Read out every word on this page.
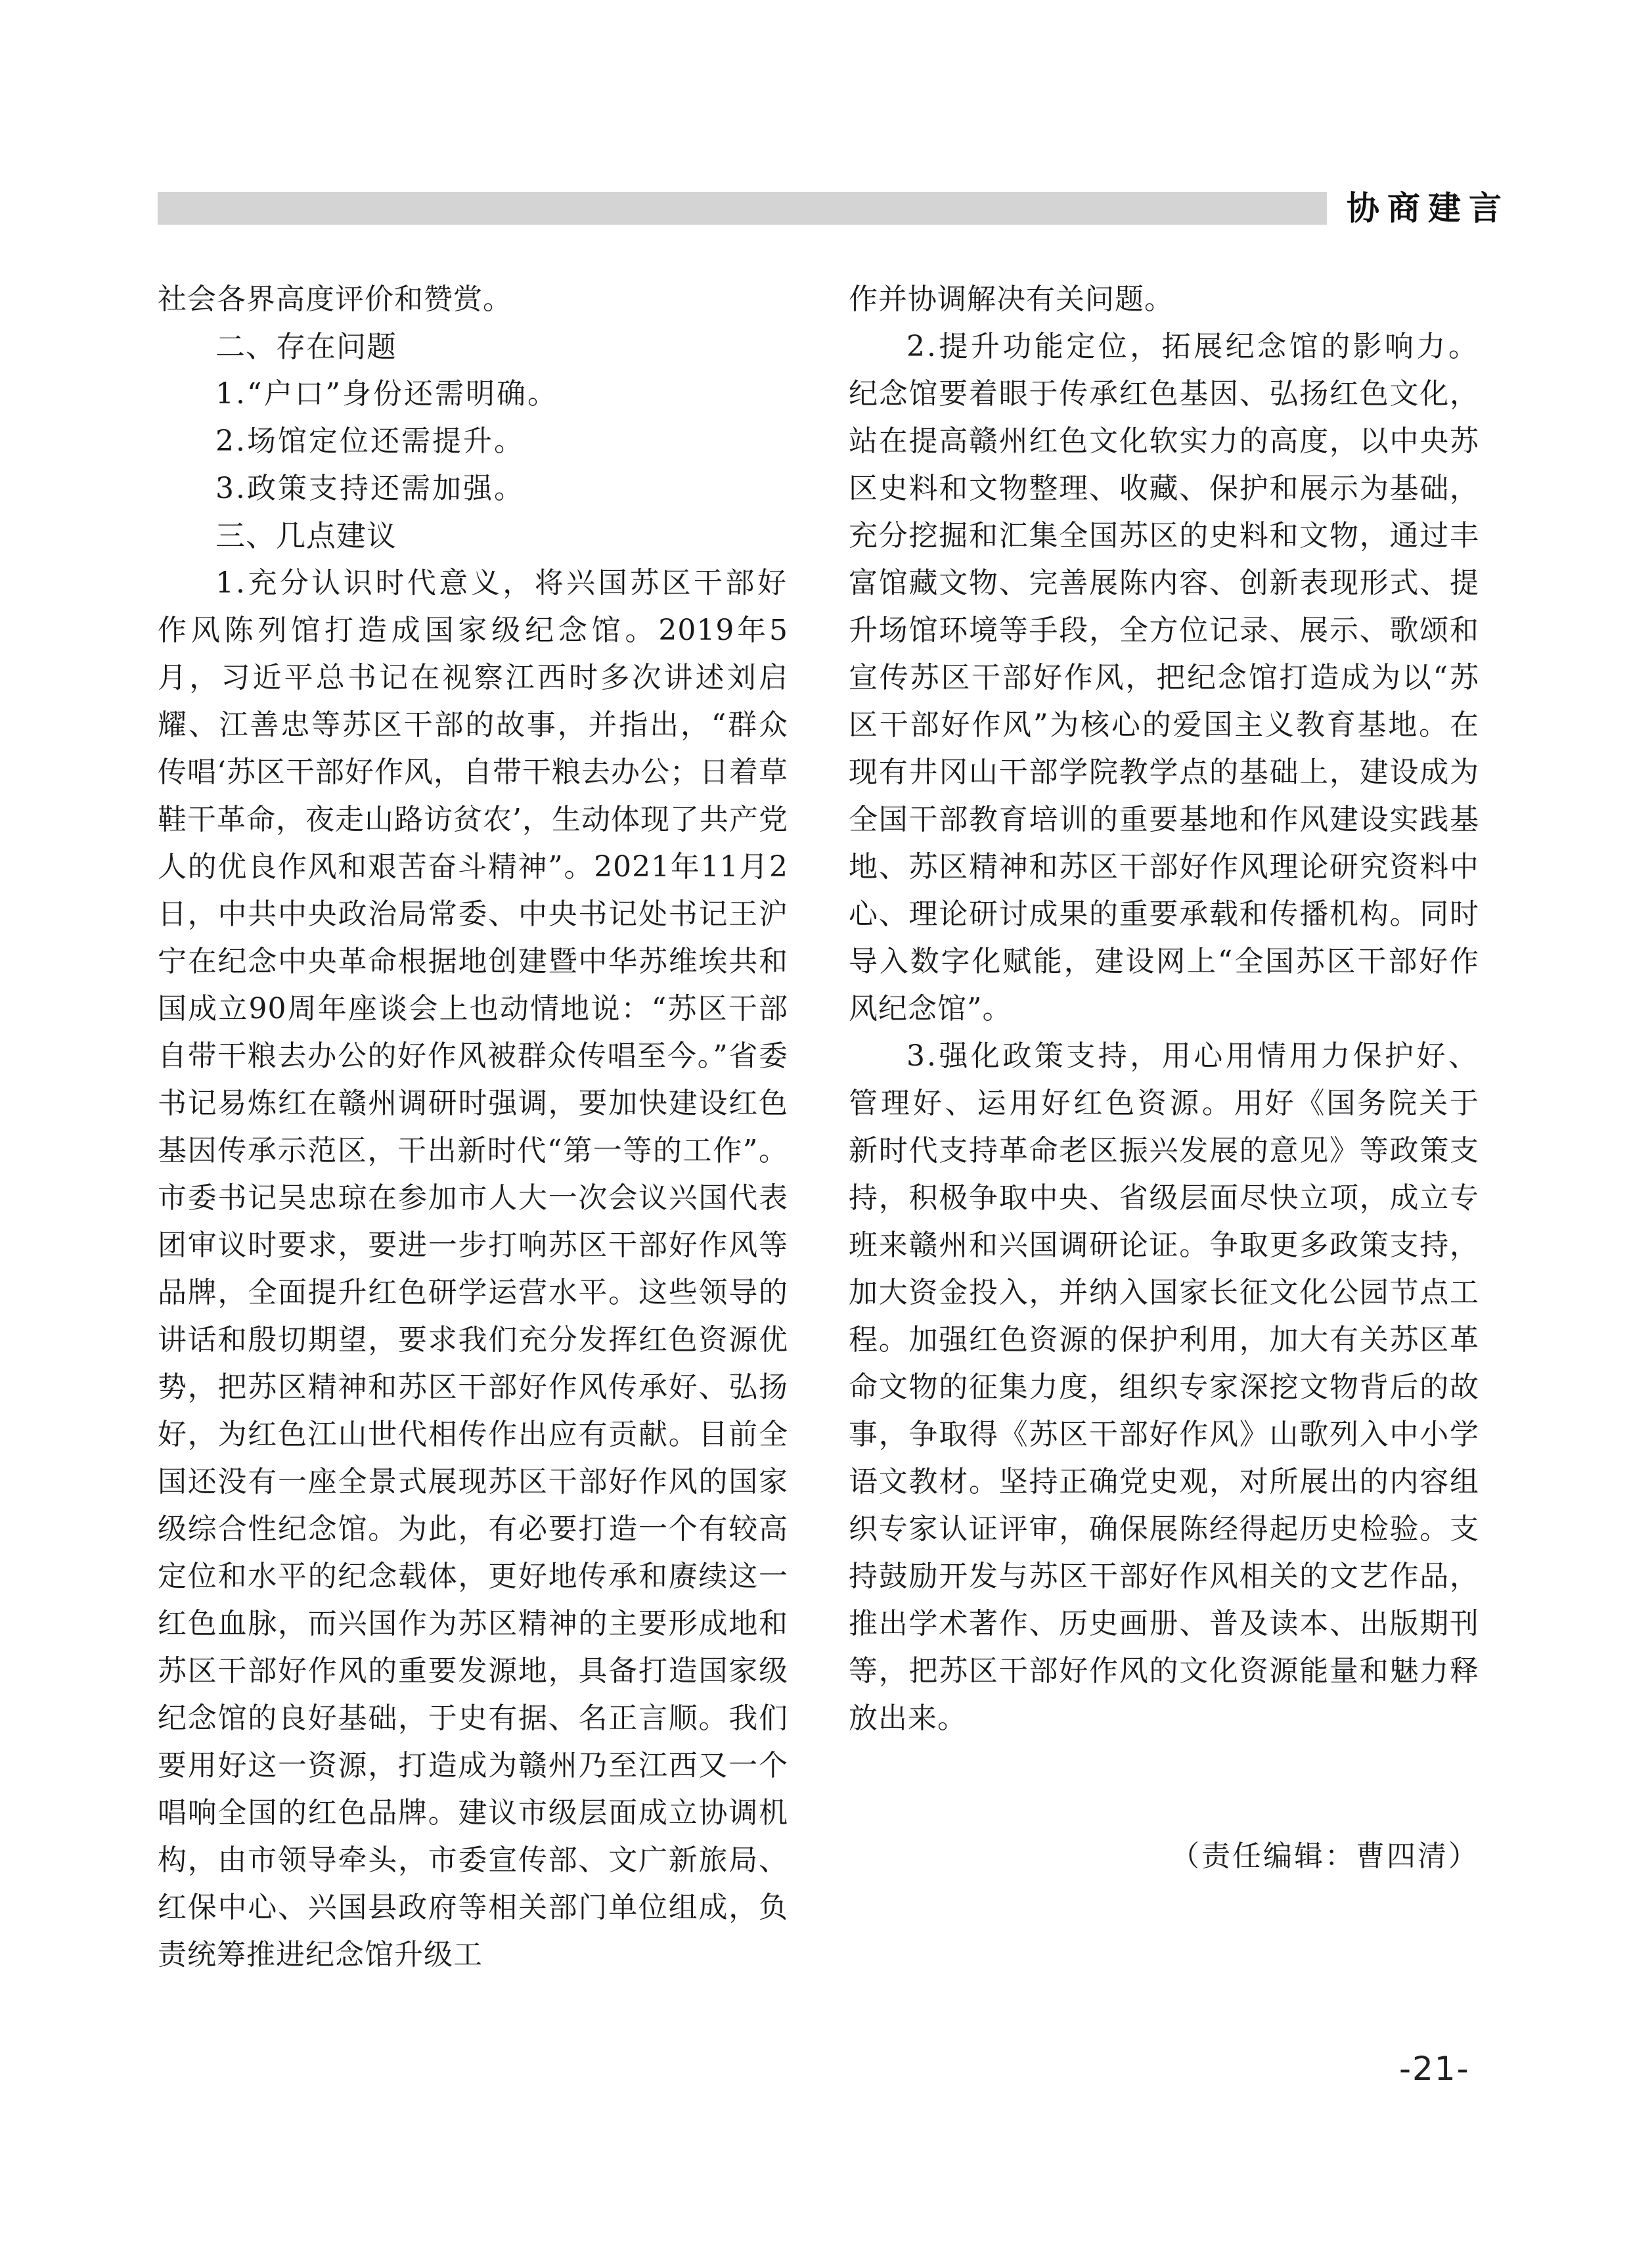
协商建言

社会各界高度评价和赞赏。

二、存在问题

1.“户口”身份还需明确。

2.场馆定位还需提升。

3.政策支持还需加强。

三、几点建议

1.充分认识时代意义，将兴国苏区干部好作风陈列馆打造成国家级纪念馆。2019年5月，习近平总书记在视察江西时多次讲述刘启耀、江善忠等苏区干部的故事，并指出，“群众传唱‘苏区干部好作风，自带干粮去办公；日着草鞋干革命，夜走山路访贫农’，生动体现了共产党人的优良作风和艰苦奋斗精神”。2021年11月2日，中共中央政治局常委、中央书记处书记王沪宁在纪念中央革命根据地创建暨中华苏维埃共和国成立90周年座谈会上也动情地说：“苏区干部自带干粮去办公的好作风被群众传唱至今。”省委书记易炼红在赣州调研时强调，要加快建设红色基因传承示范区，干出新时代“第一等的工作”。市委书记吴忠琼在参加市人大一次会议兴国代表团审议时要求，要进一步打响苏区干部好作风等品牌，全面提升红色研学运营水平。这些领导的讲话和殷切期望，要求我们充分发挥红色资源优势，把苏区精神和苏区干部好作风传承好、弘扬好，为红色江山世代相传作出应有贡献。目前全国还没有一座全景式展现苏区干部好作风的国家级综合性纪念馆。为此，有必要打造一个有较高定位和水平的纪念载体，更好地传承和赓续这一红色血脉，而兴国作为苏区精神的主要形成地和苏区干部好作风的重要发源地，具备打造国家级纪念馆的良好基础，于史有据、名正言顺。我们要用好这一资源，打造成为赣州乃至江西又一个唱响全国的红色品牌。建议市级层面成立协调机构，由市领导牵头，市委宣传部、文广新旅局、红保中心、兴国县政府等相关部门单位组成，负责统筹推进纪念馆升级工

作并协调解决有关问题。

2.提升功能定位，拓展纪念馆的影响力。纪念馆要着眼于传承红色基因、弘扬红色文化，站在提高赣州红色文化软实力的高度，以中央苏区史料和文物整理、收藏、保护和展示为基础，充分挖掘和汇集全国苏区的史料和文物，通过丰富馆藏文物、完善展陈内容、创新表现形式、提升场馆环境等手段，全方位记录、展示、歌颂和宣传苏区干部好作风，把纪念馆打造成为以“苏区干部好作风”为核心的爱国主义教育基地。在现有井冈山干部学院教学点的基础上，建设成为全国干部教育培训的重要基地和作风建设实践基地、苏区精神和苏区干部好作风理论研究资料中心、理论研讨成果的重要承载和传播机构。同时导入数字化赋能，建设网上“全国苏区干部好作风纪念馆”。

3.强化政策支持，用心用情用力保护好、管理好、运用好红色资源。用好《国务院关于新时代支持革命老区振兴发展的意见》等政策支持，积极争取中央、省级层面尽快立项，成立专班来赣州和兴国调研论证。争取更多政策支持，加大资金投入，并纳入国家长征文化公园节点工程。加强红色资源的保护利用，加大有关苏区革命文物的征集力度，组织专家深挖文物背后的故事，争取得《苏区干部好作风》山歌列入中小学语文教材。坚持正确党史观，对所展出的内容组织专家认证评审，确保展陈经得起历史检验。支持鼓励开发与苏区干部好作风相关的文艺作品，推出学术著作、历史画册、普及读本、出版期刊等，把苏区干部好作风的文化资源能量和魅力释放出来。

（责任编辑：曹四清）
-21-
